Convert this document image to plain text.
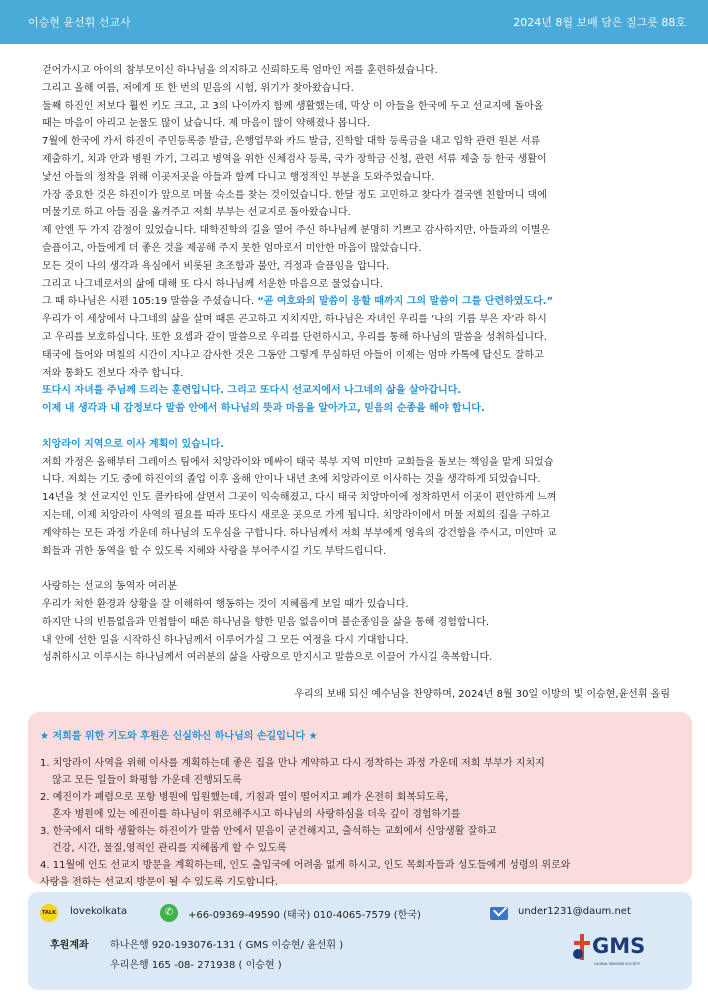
이승현 윤선휘 선교사	2024년 8월 보배 담은 질그릇 88호

걷어가시고 아이의 참부모이신 하나님을 의지하고 신뢰하도록 엄마인 저를 훈련하셨습니다.

그리고 올해 여름, 저에게 또 한 번의 믿음의 시험, 위기가 찾아왔습니다.

둘째 하진인 저보다 훨씬 키도 크고, 고 3의 나이까지 함께 생활했는데, 막상 이 아들을 한국에 두고 선교지에 돌아올

때는 마음이 아리고 눈물도 많이 났습니다. 제 마음이 많이 약해졌나 봅니다.

7월에 한국에 가서 하진이 주민등록증 발급, 은행업무와 카드 발급, 진학할 대학 등록금을 내고 입학 관련 원본 서류

제출하기, 치과 안과 병원 가기, 그리고 병역을 위한 신체검사 등록, 국가 장학금 신청, 관련 서류 제출 등 한국 생활이

낯선 아들의 정착을 위해 이곳저곳을 아들과 함께 다니고 행정적인 부분을 도와주었습니다.

가장 중요한 것은 하진이가 앞으로 머물 숙소를 찾는 것이었습니다. 한달 정도 고민하고 찾다가 결국엔 친할머니 댁에

머물기로 하고 아들 짐을 옮겨주고 저희 부부는 선교지로 돌아왔습니다.

제 안엔 두 가지 감정이 있었습니다. 대학진학의 길을 열어 주신 하나님께 분명히 기쁘고 감사하지만, 아들과의 이별은

슬픔이고, 아들에게 더 좋은 것을 제공해 주지 못한 엄마로서 미안한 마음이 많았습니다.

모든 것이 나의 생각과 욕심에서 비롯된 초조함과 불안, 걱정과 슬픔임을 압니다.

그리고 나그네로서의 삶에 대해 또 다시 하나님께 서운한 마음으로 물었습니다.

그 때 하나님은 시편 105:19 말씀을 주셨습니다. “곧 여호와의 말씀이 응할 때까지 그의 말씀이 그를 단련하였도다.”

우리가 이 세상에서 나그네의 삶을 살며 때론 곤고하고 지치지만, 하나님은 자녀인 우리를 ‘나의 기름 부은 자’라 하시

고 우리를 보호하십니다. 또한 요셉과 같이 말씀으로 우리를 단련하시고, 우리를 통해 하나님의 말씀을 성취하십니다.

태국에 들어와 며칠의 시간이 지나고 감사한 것은 그동안 그렇게 무심하던 아들이 이제는 엄마 카톡에 답신도 잘하고

저와 통화도 전보다 자주 합니다.

또다시 자녀를 주님께 드리는 훈련입니다. 그리고 또다시 선교지에서 나그네의 삶을 살아갑니다.

이제 내 생각과 내 감정보다 말씀 안에서 하나님의 뜻과 마음을 알아가고, 믿음의 순종을 해야 합니다.

치앙라이 지역으로 이사 계획이 있습니다.

저희 가정은 올해부터 그레이스 팀에서 치앙라이와 메싸이 태국 북부 지역 미얀마 교회들을 돌보는 책임을 맡게 되었습

니다. 저희는 기도 중에 하진이의 졸업 이후 올해 안이나 내년 초에 치앙라이로 이사하는 것을 생각하게 되었습니다.

14년을 첫 선교지인 인도 콜카타에 살면서 그곳이 익숙해졌고, 다시 태국 치앙마이에 정착하면서 이곳이 편안하게 느껴

지는데, 이제 치앙라이 사역의 필요를 따라 또다시 새로운 곳으로 가게 됩니다. 치앙라이에서 머물 저희의 집을 구하고

계약하는 모든 과정 가운데 하나님의 도우심을 구합니다. 하나님께서 저희 부부에게 영육의 강건함을 주시고, 미얀마 교

회들과 귀한 동역을 할 수 있도록 지혜와 사랑을 부어주시길 기도 부탁드립니다.

사랑하는 선교의 동역자 여러분

우리가 처한 환경과 상황을 잘 이해하여 행동하는 것이 지혜롭게 보일 때가 있습니다.

하지만 나의 빈틈없음과 민첩함이 때론 하나님을 향한 믿음 없음이며 불순종임을 삶을 통해 경험합니다.

내 안에 선한 일을 시작하신 하나님께서 이루어가실 그 모든 여정을 다시 기대합니다.

성취하시고 이루시는 하나님께서 여러분의 삶을 사랑으로 만지시고 말씀으로 이끌어 가시길 축복합니다.

우리의 보배 되신 예수님을 찬양하며, 2024년 8월 30일 이방의 빛 이승현,윤선휘 올림

★ 저희를 위한 기도와 후원은 신실하신 하나님의 손길입니다 ★

1. 치앙라이 사역을 위해 이사를 계획하는데 좋은 집을 만나 계약하고 다시 정착하는 과정 가운데 저희 부부가 지치지

않고 모든 일들이 화평함 가운데 진행되도록

2. 예진이가 폐렴으로 포항 병원에 입원했는데, 기침과 열이 떨어지고 폐가 온전히 회복되도록,

혼자 병원에 있는 예진이를 하나님이 위로해주시고 하나님의 사랑하심을 더욱 깊이 경험하기를

3. 한국에서 대학 생활하는 하진이가 말씀 안에서 믿음이 굳건해지고, 출석하는 교회에서 신앙생활 잘하고

건강, 시간, 물질,영적인 관리를 지혜롭게 할 수 있도록

4. 11월에 인도 선교지 방문을 계획하는데, 인도 출입국에 어려움 없게 하시고, 인도 목회자들과 성도들에게 성령의 위로와

사랑을 전하는 선교지 방문이 될 수 있도록 기도합니다.

TALK lovekolkata	✆	+66-09369-49590 (태국) 010-4065-7579 (한국)	under1231@daum.net
후원계좌 하나은행 920-193076-131 ( GMS 이승현/ 윤선휘 )
우리은행 165 -08- 271938 ( 이승현 )
GMS
GLOBAL MISSION SOCIETY
